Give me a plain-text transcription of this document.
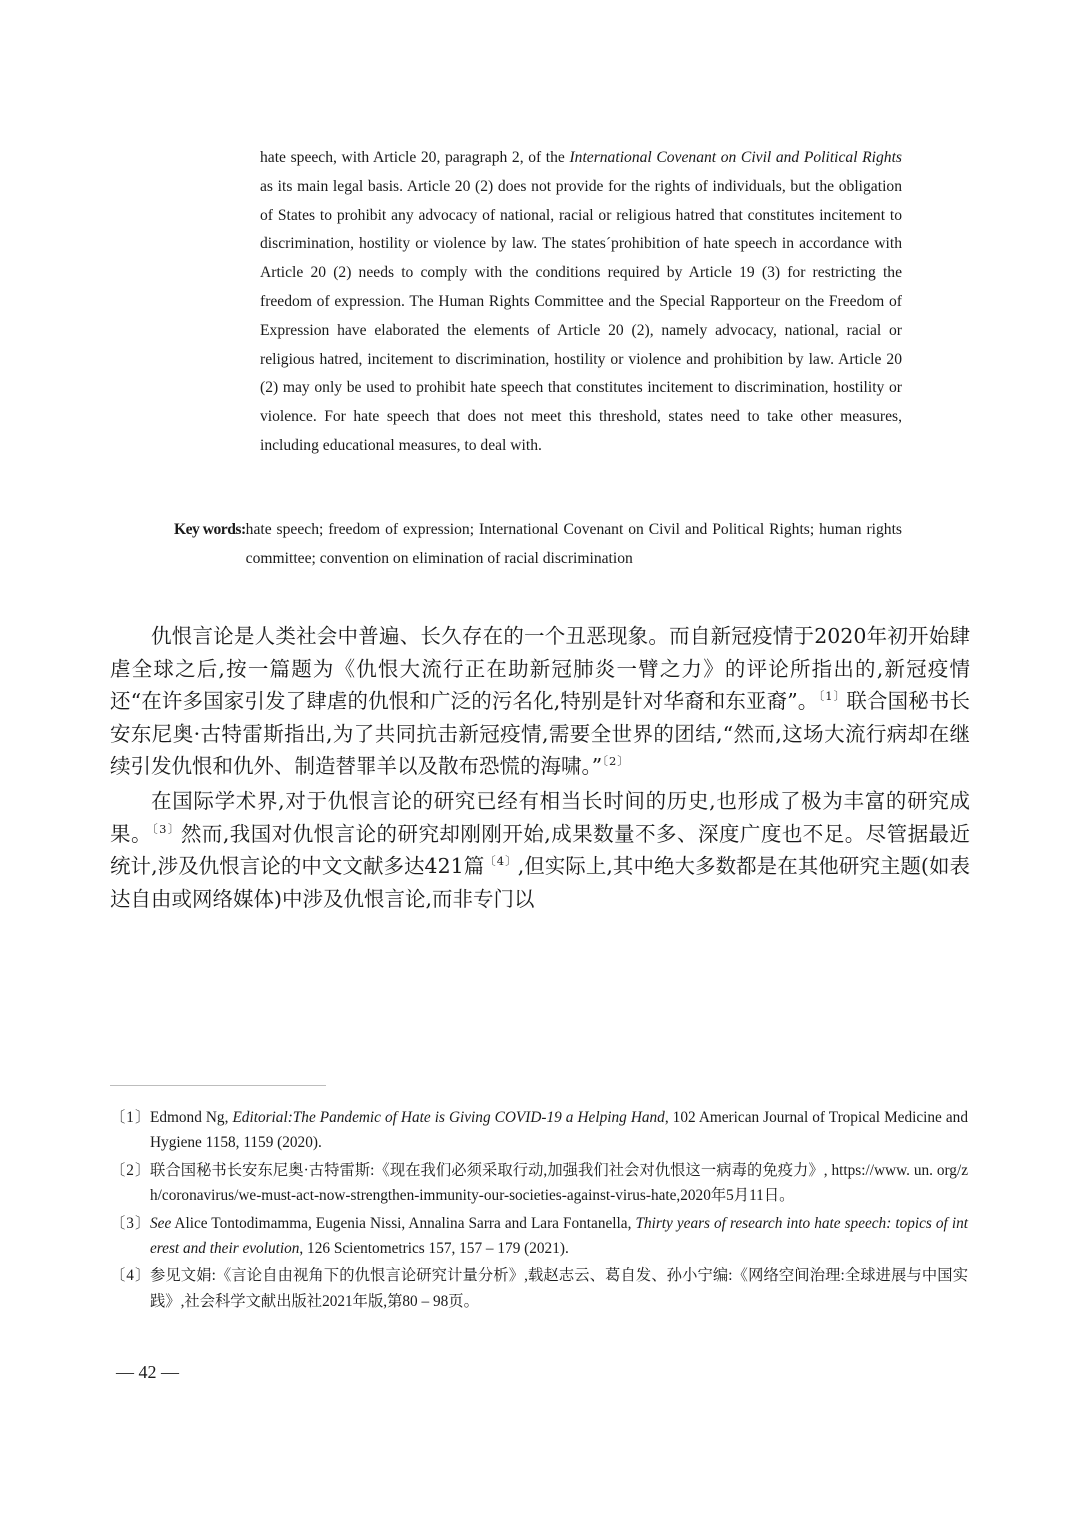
hate speech, with Article 20, paragraph 2, of the International Covenant on Civil and Political Rights as its main legal basis. Article 20 (2) does not provide for the rights of individuals, but the obligation of States to prohibit any advocacy of national, racial or religious hatred that constitutes incitement to discrimination, hostility or violence by law. The states´prohibition of hate speech in accordance with Article 20 (2) needs to comply with the conditions required by Article 19 (3) for restricting the freedom of expression. The Human Rights Committee and the Special Rapporteur on the Freedom of Expression have elaborated the elements of Article 20 (2), namely advocacy, national, racial or religious hatred, incitement to discrimination, hostility or violence and prohibition by law. Article 20 (2) may only be used to prohibit hate speech that constitutes incitement to discrimination, hostility or violence. For hate speech that does not meet this threshold, states need to take other measures, including educational measures, to deal with.
Key words : hate speech; freedom of expression; International Covenant on Civil and Political Rights; human rights committee; convention on elimination of racial discrimination

仇恨言论是人类社会中普遍、长久存在的一个丑恶现象。而自新冠疫情于2020年初开始肆虐全球之后,按一篇题为《仇恨大流行正在助新冠肺炎一臂之力》的评论所指出的,新冠疫情还“在许多国家引发了肆虐的仇恨和广泛的污名化,特别是针对华裔和东亚裔”。$^{〔1〕}$联合国秘书长安东尼奥·古特雷斯指出,为了共同抗击新冠疫情,需要全世界的团结,“然而,这场大流行病却在继续引发仇恨和仇外、制造替罪羊以及散布恐慌的海啸。”$^{〔2〕}$

在国际学术界,对于仇恨言论的研究已经有相当长时间的历史,也形成了极为丰富的研究成果。$^{〔3〕}$然而,我国对仇恨言论的研究却刚刚开始,成果数量不多、深度广度也不足。尽管据最近统计,涉及仇恨言论的中文文献多达421篇$^{〔4〕}$,但实际上,其中绝大多数都是在其他研究主题(如表达自由或网络媒体)中涉及仇恨言论,而非专门以

〔1〕
Edmond Ng, Editorial:The Pandemic of Hate is Giving COVID-19 a Helping Hand, 102 American Journal of Tropical Medicine and Hygiene 1158, 1159 (2020).
〔2〕
联合国秘书长安东尼奥·古特雷斯:《现在我们必须采取行动,加强我们社会对仇恨这一病毒的免疫力》, https://www. un. org/zh/coronavirus/we-must-act-now-strengthen-immunity-our-societies-against-virus-hate,2020年5月11日。
〔3〕
See Alice Tontodimamma, Eugenia Nissi, Annalina Sarra and Lara Fontanella, Thirty years of research into hate speech: topics of interest and their evolution, 126 Scientometrics 157, 157 – 179 (2021).
〔4〕
参见文娟:《言论自由视角下的仇恨言论研究计量分析》,载赵志云、葛自发、孙小宁编:《网络空间治理:全球进展与中国实践》,社会科学文献出版社2021年版,第80 – 98页。
— 42 —
